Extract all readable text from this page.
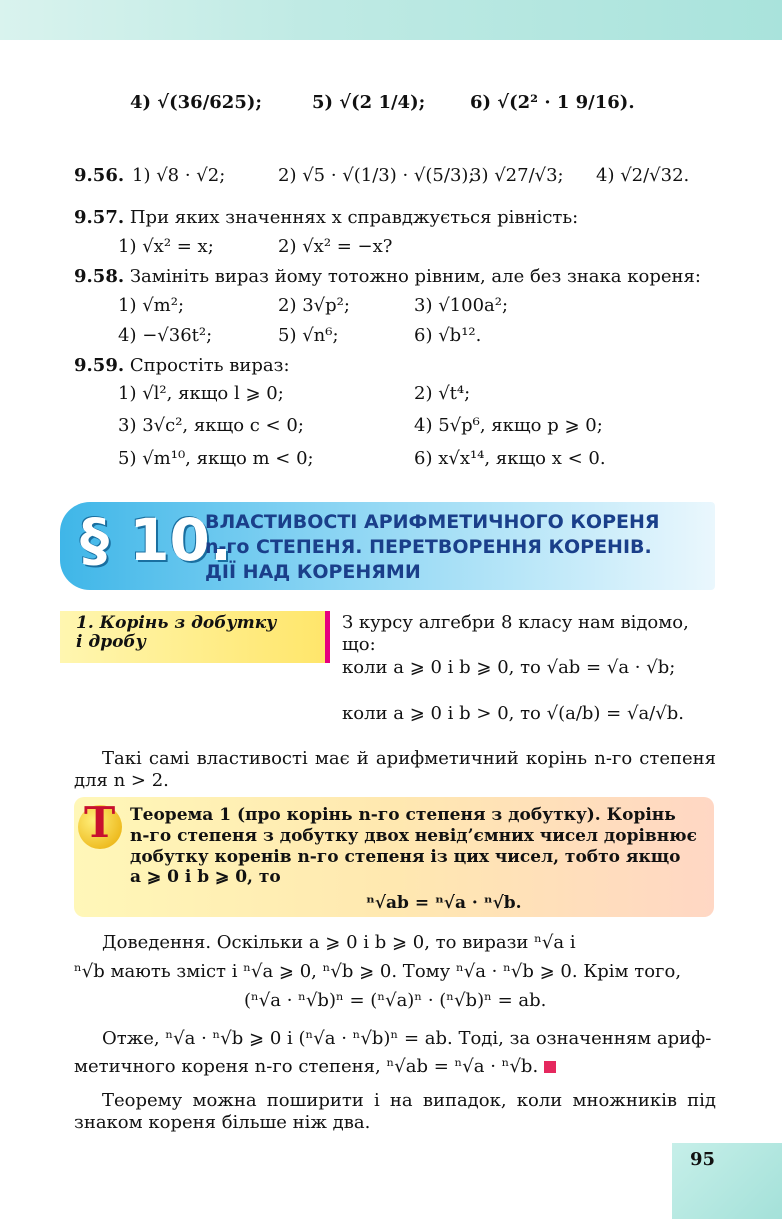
4) √(36/625);	5) √(2 1/4); 6) √(2² · 1 9/16).
9.56. 1) √8 · √2;	2) √5 · √(1/3) · √(5/3);
3) √27/√3; 4) √2/√32.
9.57. При яких значеннях x справджується рівність:
1) √x² = x;	2) √x² = −x?
9.58. Замініть вираз йому тотожно рівним, але без знака кореня:
1) √m²;	2) 3√p²;	3) √100a²;
4) −√36t²;	5) √n⁶;	6) √b¹².
9.59. Спростіть вираз:
1) √l², якщо l ⩾ 0;	2) √t⁴;
3) 3√c², якщо c < 0;	4) 5√p⁶, якщо p ⩾ 0;
5) √m¹⁰, якщо m < 0;	6) x√x¹⁴, якщо x < 0.
§ 10.
ВЛАСТИВОСТІ АРИФМЕТИЧНОГО КОРЕНЯ
n-го СТЕПЕНЯ. ПЕРЕТВОРЕННЯ КОРЕНІВ.
ДІЇ НАД КОРЕНЯМИ
1. Корінь з добутку
і дробу
З курсу алгебри 8 класу нам відомо,
що:
коли a ⩾ 0 і b ⩾ 0, то √ab = √a · √b;
коли a ⩾ 0 і b > 0, то √(a/b) = √a/√b.
Такі самі властивості має й арифметичний корінь n-го степеня для n > 2.
Т Теорема 1 (про корінь n-го степеня з добутку). Корінь
n-го степеня з добутку двох невід’ємних чисел дорівнює
добутку коренів n-го степеня із цих чисел, тобто якщо
a ⩾ 0 і b ⩾ 0, то
ⁿ√ab = ⁿ√a · ⁿ√b.
Доведення. Оскільки a ⩾ 0 і b ⩾ 0, то вирази ⁿ√a і
ⁿ√b мають зміст і ⁿ√a ⩾ 0, ⁿ√b ⩾ 0. Тому ⁿ√a · ⁿ√b ⩾ 0. Крім того,
(ⁿ√a · ⁿ√b)ⁿ = (ⁿ√a)ⁿ · (ⁿ√b)ⁿ = ab.
Отже, ⁿ√a · ⁿ√b ⩾ 0 і (ⁿ√a · ⁿ√b)ⁿ = ab. Тоді, за означенням ариф-
метичного кореня n-го степеня, ⁿ√ab = ⁿ√a · ⁿ√b.
Теорему можна поширити і на випадок, коли множників під знаком кореня більше ніж два.
95
